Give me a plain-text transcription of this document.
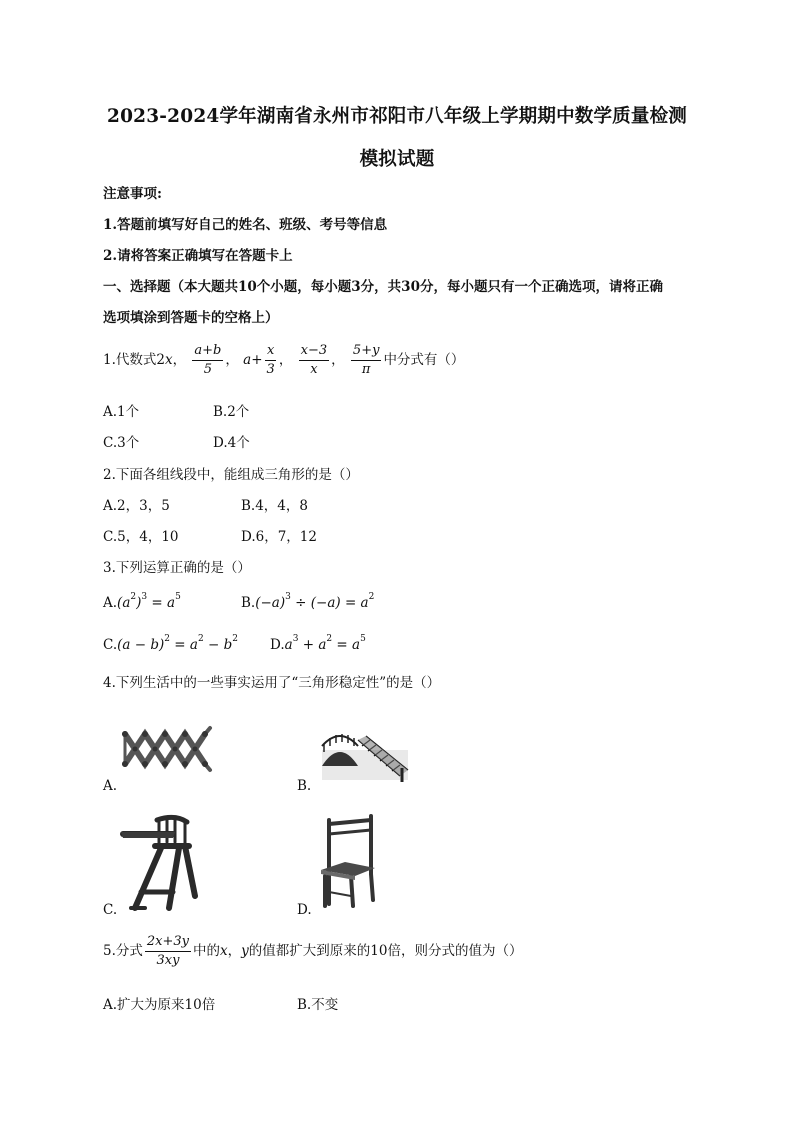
2023-2024学年湖南省永州市祁阳市八年级上学期期中数学质量检测
模拟试题
注意事项:
1.答题前填写好自己的姓名、班级、考号等信息
2.请将答案正确填写在答题卡上
一、选择题（本大题共10个小题，每小题3分，共30分，每小题只有一个正确选项，请将正确
选项填涂到答题卡的空格上）
1.代数式2x， $\frac{a+b}{5}$ ， $a+ \frac{x}{3}$ ， $\frac{x-3}{x}$ ， $\frac{5+y}{\pi}$ 中分式有（）
A.1个	B.2个
C.3个	D.4个
2.下面各组线段中，能组成三角形的是（）
A.2，3，5	B.4，4，8
C.5，4，10	D.6，7，12
3.下列运算正确的是（）
$A.(a^2)^3 = a^5$	$B.(-a)^3 \div (-a) = a^2$
$C.(a - b)^2 = a^2 - b^2$ $D.a^3 + a^2 = a^5$
4.下列生活中的一些事实运用了“三角形稳定性”的是（）
A.	B.
C.	D.
5.分式 $\frac{2x+3y}{3xy}$ 中的x，y的值都扩大到原来的10倍，则分式的值为（）
A.扩大为原来10倍	B.不变
